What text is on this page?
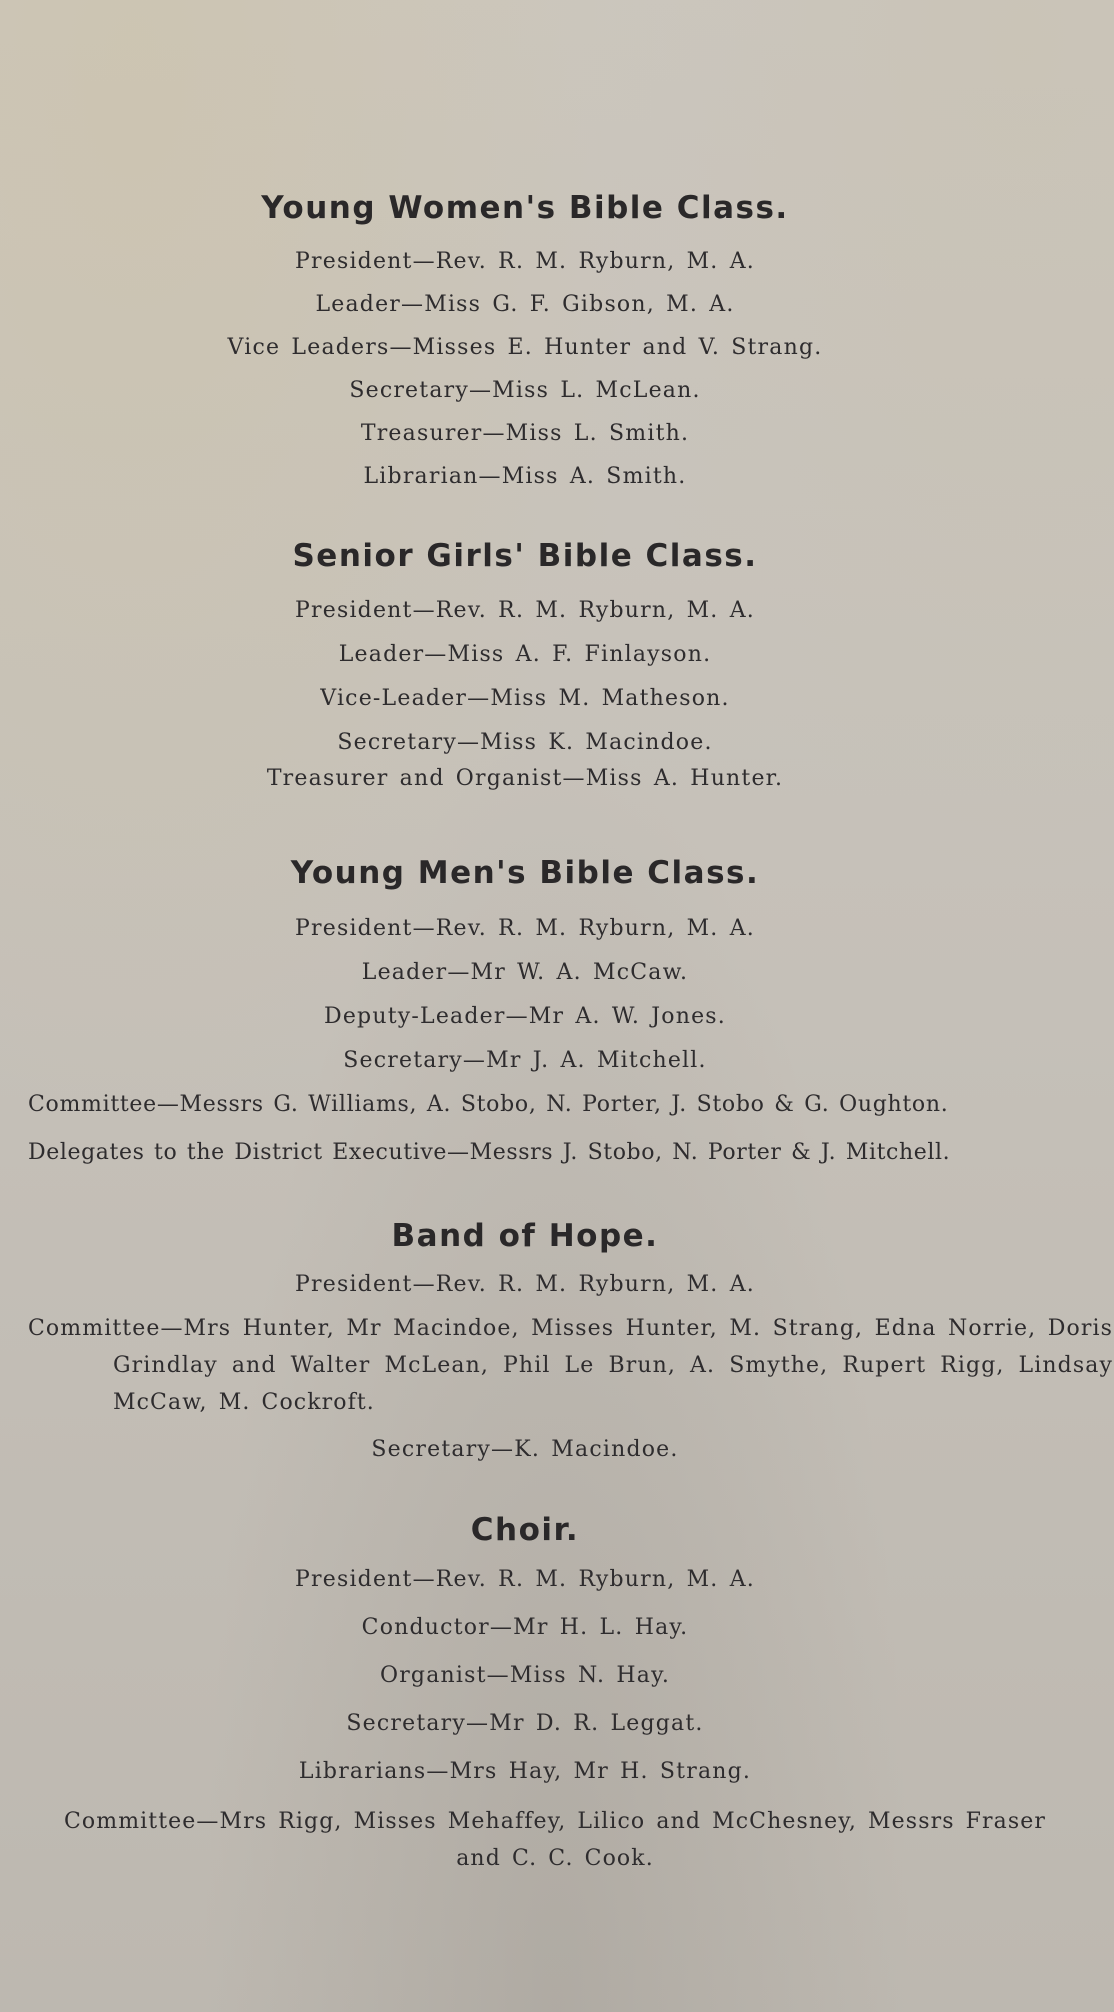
Young Women's Bible Class.

President—Rev. R. M. Ryburn, M. A.

Leader—Miss G. F. Gibson, M. A.

Vice Leaders—Misses E. Hunter and V. Strang.

Secretary—Miss L. McLean.

Treasurer—Miss L. Smith.

Librarian—Miss A. Smith.

Senior Girls' Bible Class.

President—Rev. R. M. Ryburn, M. A.

Leader—Miss A. F. Finlayson.

Vice-Leader—Miss M. Matheson.

Secretary—Miss K. Macindoe.

Treasurer and Organist—Miss A. Hunter.

Young Men's Bible Class.

President—Rev. R. M. Ryburn, M. A.

Leader—Mr W. A. McCaw.

Deputy-Leader—Mr A. W. Jones.

Secretary—Mr J. A. Mitchell.

Committee—Messrs G. Williams, A. Stobo, N. Porter, J. Stobo & G. Oughton.

Delegates to the District Executive—Messrs J. Stobo, N. Porter & J. Mitchell.

Band of Hope.

President—Rev. R. M. Ryburn, M. A.

Committee—Mrs Hunter, Mr Macindoe, Misses Hunter, M. Strang, Edna Norrie, Doris Grindlay and Walter McLean, Phil Le Brun, A. Smythe, Rupert Rigg, Lindsay McCaw, M. Cockroft.

Secretary—K. Macindoe.

Choir.

President—Rev. R. M. Ryburn, M. A.

Conductor—Mr H. L. Hay.

Organist—Miss N. Hay.

Secretary—Mr D. R. Leggat.

Librarians—Mrs Hay, Mr H. Strang.

Committee—Mrs Rigg, Misses Mehaffey, Lilico and McChesney, Messrs Fraser and C. C. Cook.
